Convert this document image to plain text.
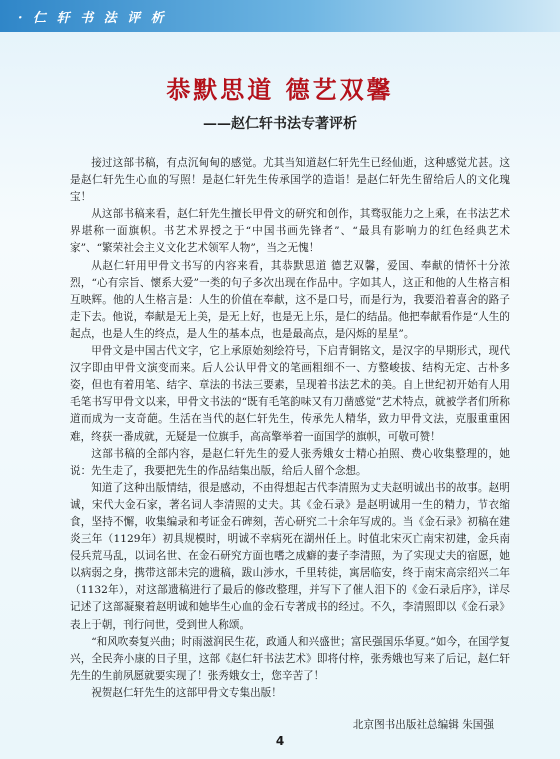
· 仁 轩 书 法 评 析
恭默思道 德艺双馨
——赵仁轩书法专著评析

接过这部书稿，有点沉甸甸的感觉。尤其当知道赵仁轩先生已经仙逝，这种感觉尤甚。这是赵仁轩先生心血的写照！是赵仁轩先生传承国学的造诣！是赵仁轩先生留给后人的文化瑰宝！

从这部书稿来看，赵仁轩先生擅长甲骨文的研究和创作，其骛驭能力之上乘，在书法艺术界堪称一面旗帜。书艺术界授之于“中国书画先锋者”、“最具有影响力的红色经典艺术家”、“繁荣社会主义文化艺术领军人物”，当之无愧！

从赵仁轩用甲骨文书写的内容来看，其恭默思道 德艺双馨，爱国、奉献的情怀十分浓烈，“心有宗旨、懷系大爱”一类的句子多次出现在作品中。字如其人，这正和他的人生格言相互映辉。他的人生格言是：人生的价值在奉献，这不是口号，而是行为，我要沿着喜舍的路子走下去。他说，奉献是无上美，是无上好，也是无上乐，是仁的结晶。他把奉献看作是“人生的起点，也是人生的终点，是人生的基本点，也是最高点，是闪烁的星星”。

甲骨文是中国古代文字，它上承原始刻绘符号，下启青铜铭文，是汉字的早期形式，现代汉字即由甲骨文演变而来。后人公认甲骨文的笔画粗细不一、方整峻拔、结构无定、古朴多姿，但也有着用笔、结字、章法的书法三要素，呈现着书法艺术的美。自上世纪初开始有人用毛笔书写甲骨文以来，甲骨文书法的“既有毛笔韵味又有刀凿感觉”艺术特点，就被学者们所称道而成为一支奇葩。生活在当代的赵仁轩先生，传承先人精华，致力甲骨文法，克服重重困难，终获一番成就，无疑是一位旗手，高高擎举着一面国学的旗帜，可敬可赞！

这部书稿的全部内容，是赵仁轩先生的爱人张秀娥女士精心拍照、费心收集整理的，她说：先生走了，我要把先生的作品结集出版，给后人留个念想。

知道了这种出版情结，很是感动，不由得想起古代李清照为丈夫赵明诚出书的故事。赵明诚，宋代大金石家，著名词人李清照的丈夫。其《金石录》是赵明诚用一生的精力，节衣缩食，坚持不懈，收集编录和考证金石碑刻，苦心研究二十余年写成的。当《金石录》初稿在建炎三年（1129年）初具规模时，明诚不幸病死在湖州任上。时值北宋灭亡南宋初建，金兵南侵兵荒马乱，以词名世、在金石研究方面也嗜之成癖的妻子李清照，为了实现丈夫的宿愿，她以病弱之身，携带这部未完的遗稿，跋山涉水，千里转徙，寓居临安，终于南宋高宗绍兴二年（1132年），对这部遗稿进行了最后的修改整理，并写下了催人泪下的《金石录后序》，详尽记述了这部凝聚着赵明诚和她毕生心血的金石专著成书的经过。不久，李清照即以《金石录》表上于朝，刊行问世，受到世人称颂。

“和风吹奏复兴曲；时雨滋润民生花，政通人和兴盛世；富民强国乐华夏。”如今，在国学复兴，全民奔小康的日子里，这部《赵仁轩书法艺术》即将付梓，张秀娥也写来了后记，赵仁轩先生的生前夙愿就要实现了！张秀娥女士，您辛苦了！

祝贺赵仁轩先生的这部甲骨文专集出版！

北京图书出版社总编辑 朱国强
4
